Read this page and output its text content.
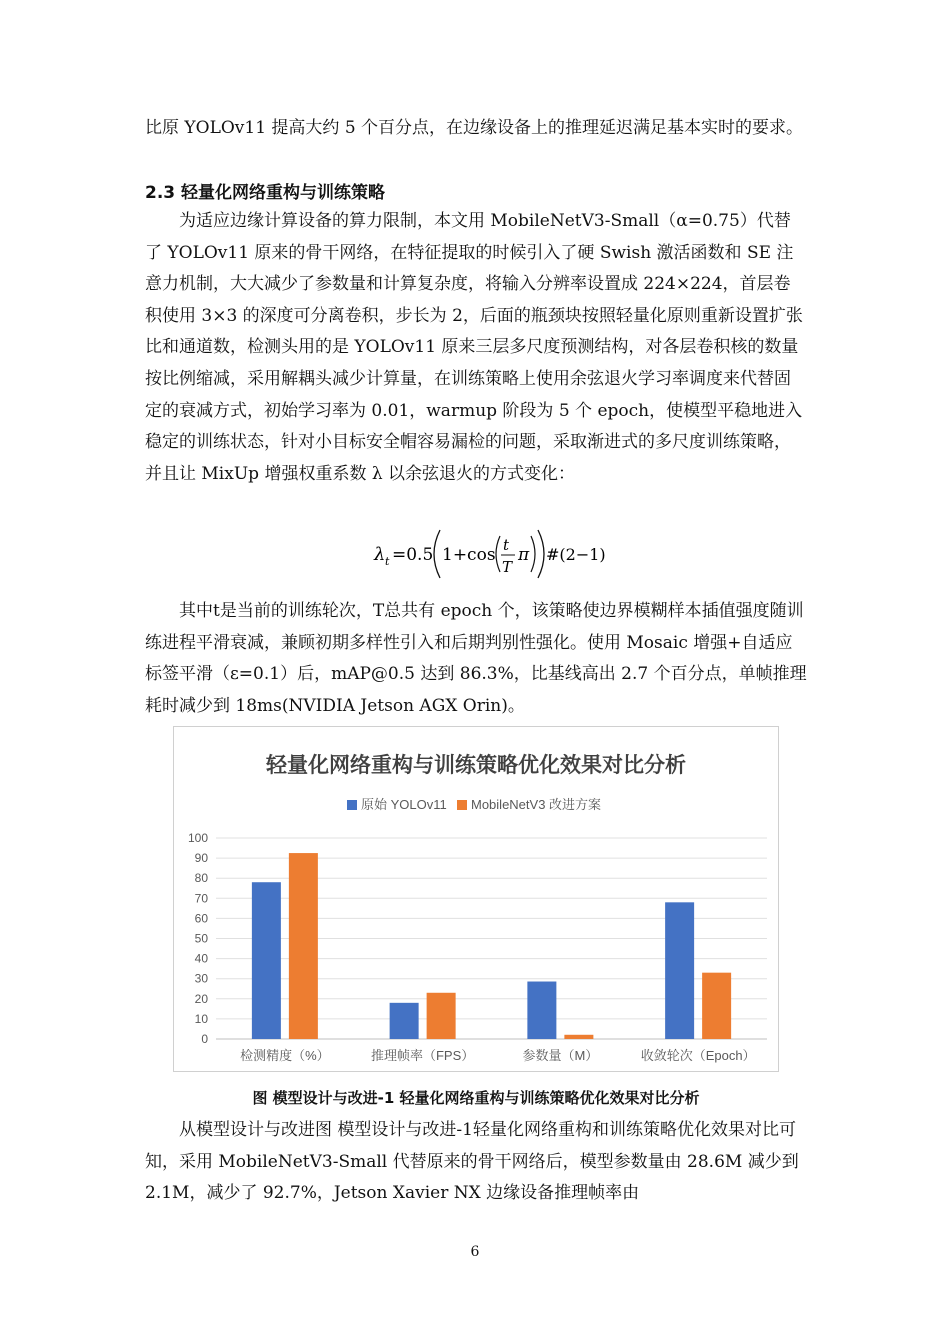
比原 YOLOv11 提高大约 5 个百分点，在边缘设备上的推理延迟满足基本实时的要求。

2.3 轻量化网络重构与训练策略

为适应边缘计算设备的算力限制，本文用 MobileNetV3-Small（α=0.75）代替了 YOLOv11 原来的骨干网络，在特征提取的时候引入了硬 Swish 激活函数和 SE 注意力机制，大大减少了参数量和计算复杂度，将输入分辨率设置成 224×224，首层卷积使用 3×3 的深度可分离卷积，步长为 2，后面的瓶颈块按照轻量化原则重新设置扩张比和通道数，检测头用的是 YOLOv11 原来三层多尺度预测结构，对各层卷积核的数量按比例缩减，采用解耦头减少计算量，在训练策略上使用余弦退火学习率调度来代替固定的衰减方式，初始学习率为 0.01，warmup 阶段为 5 个 epoch，使模型平稳地进入稳定的训练状态，针对小目标安全帽容易漏检的问题，采取渐进式的多尺度训练策略，并且让 MixUp 增强权重系数 λ 以余弦退火的方式变化：

λ t =0.5 1+cos t
T
π #(2−1)

其中t是当前的训练轮次，T总共有 epoch 个，该策略使边界模糊样本插值强度随训练进程平滑衰减，兼顾初期多样性引入和后期判别性强化。使用 Mosaic 增强+自适应标签平滑（ε=0.1）后，mAP@0.5 达到 86.3%，比基线高出 2.7 个百分点，单帧推理耗时减少到 18ms(NVIDIA Jetson AGX Orin)。

轻量化网络重构与训练策略优化效果对比分析
原始 YOLOv11 MobileNetV3 改进方案
0
10
20
30
40
50
60
70
80
90
100
检测精度（%）	推理帧率（FPS）	参数量（M）	收敛轮次（Epoch）

图 模型设计与改进-1 轻量化网络重构与训练策略优化效果对比分析

从模型设计与改进图 模型设计与改进-1轻量化网络重构和训练策略优化效果对比可知，采用 MobileNetV3-Small 代替原来的骨干网络后，模型参数量由 28.6M 减少到 2.1M，减少了 92.7%，Jetson Xavier NX 边缘设备推理帧率由

6
